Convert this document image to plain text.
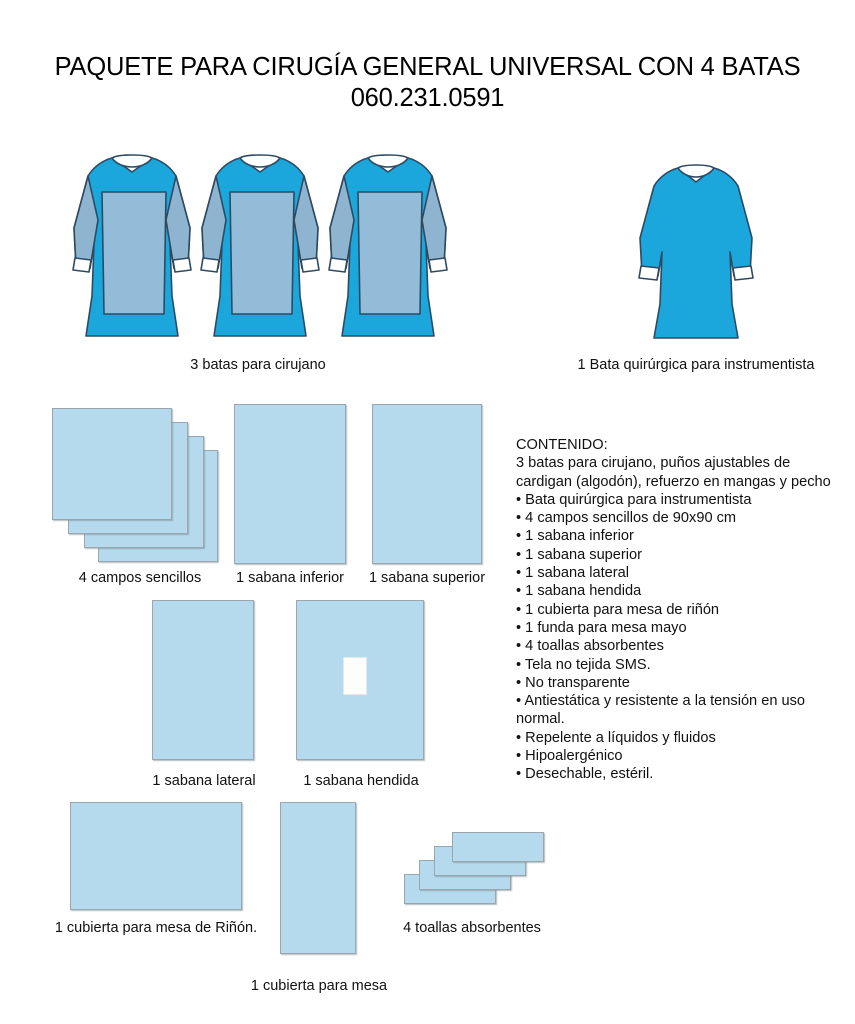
PAQUETE PARA CIRUGÍA GENERAL UNIVERSAL CON 4 BATAS
060.231.0591
3 batas para cirujano	1 Bata quirúrgica para instrumentista
4 campos sencillos	1 sabana inferior	1 sabana superior
1 sabana lateral	1 sabana hendida
1 cubierta para mesa de Riñón.
1 cubierta para mesa
4 toallas absorbentes
CONTENIDO:
3 batas para cirujano, puños ajustables de cardigan (algodón), refuerzo en mangas y pecho
• Bata quirúrgica para instrumentista
• 4 campos sencillos de 90x90 cm
• 1 sabana inferior
• 1 sabana superior
• 1 sabana lateral
• 1 sabana hendida
• 1 cubierta para mesa de riñón
• 1 funda para mesa mayo
• 4 toallas absorbentes
• Tela no tejida SMS.
• No transparente
• Antiestática y resistente a la tensión en uso normal.
• Repelente a líquidos y fluidos
• Hipoalergénico
• Desechable, estéril.
